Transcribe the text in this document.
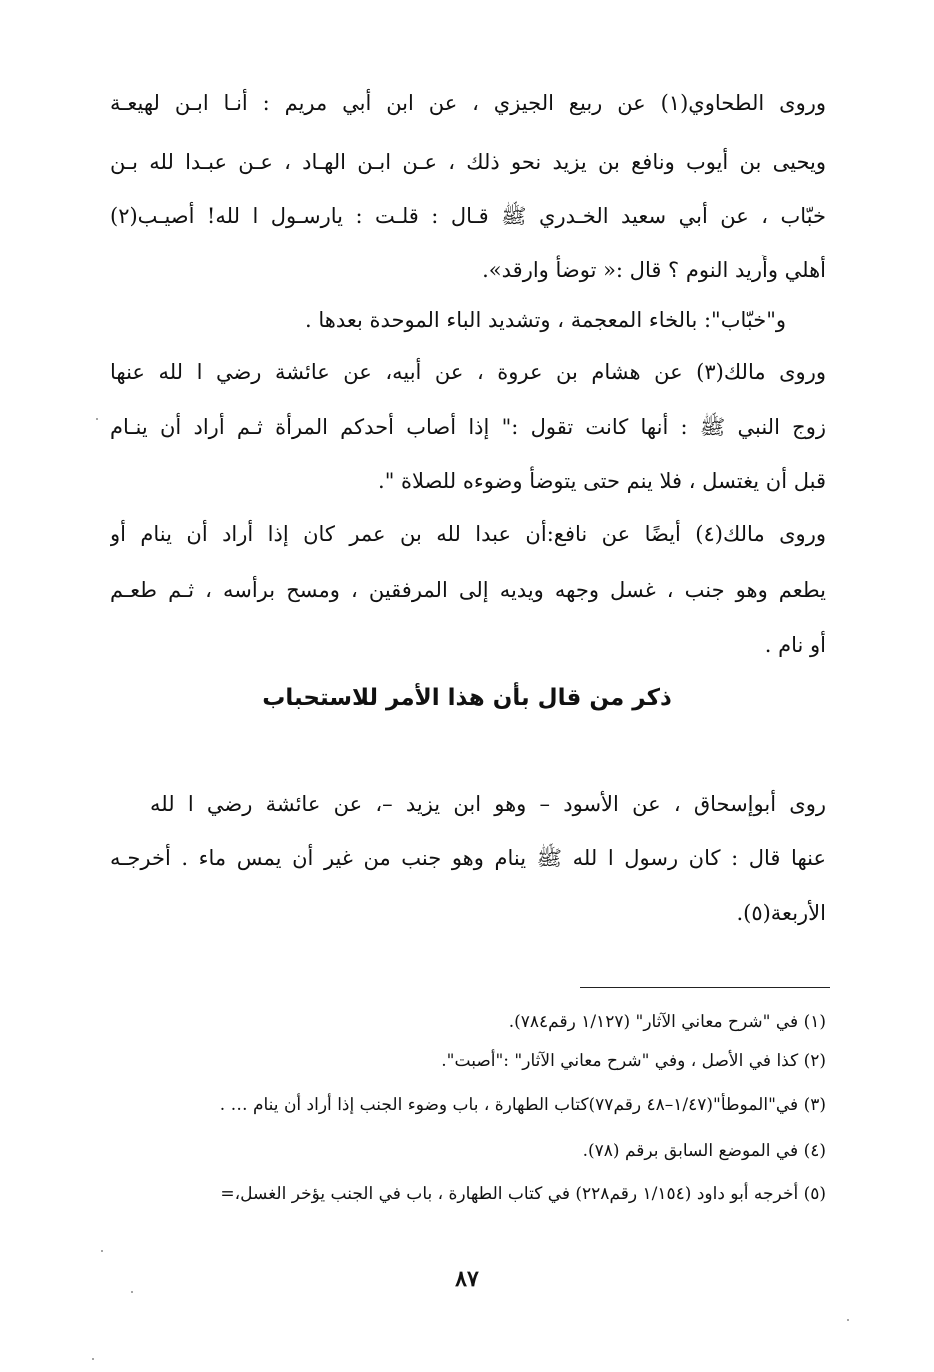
وروى الطحاوي(١) عن ربيع الجيزي ، عن ابن أبي مريم : أنـا ابـن لهيعـة
ويحيى بن أيوب ونافع بن يزيد نحو ذلك ، عـن ابـن الهـاد ، عـن عبـدا لله بـن
خبّاب ، عن أبي سعيد الخـدري ﷺ قـال : قلـت : يارسـول ا لله! أصيـب(٢)
أهلي وأُريد النوم ؟ قال :« توضأ وارقد».
و"خبّاب": بالخاء المعجمة ، وتشديد الباء الموحدة بعدها .
وروى مالك(٣) عن هشام بن عروة ، عن أبيه، عن عائشة رضي ا لله عنها
زوج النبي ﷺ : أنها كانت تقول :" إذا أصاب أحدكم المرأة ثـم أراد أن ينـام
قبل أن يغتسل ، فلا ينم حتى يتوضأ وضوءه للصلاة ".
وروى مالك(٤) أيضًا عن نافع:أن عبدا لله بن عمر كان إذا أراد أن ينام أو
يطعم وهو جنب ، غسل وجهه ويديه إلى المرفقين ، ومسح برأسه ، ثـم طعـم
أو نام .
ذكر من قال بأن هذا الأمر للاستحباب
روى أبوإسحاق ، عن الأسود – وهو ابن يزيد –، عن عائشة رضي ا لله
عنها قال : كان رسول ا لله ﷺ ينام وهو جنب من غير أن يمس ماء . أخرجـه
الأربعة(٥).
(١) في "شرح معاني الآثار" (١/١٢٧ رقم٧٨٤).
(٢) كذا في الأصل ، وفي "شرح معاني الآثار" :"أصبت".
(٣) في"الموطأ"(١/٤٧–٤٨ رقم٧٧)كتاب الطهارة ، باب وضوء الجنب إذا أراد أن ينام … .
(٤) في الموضع السابق برقم (٧٨).
(٥) أخرجه أبو داود (١/١٥٤ رقم٢٢٨) في كتاب الطهارة ، باب في الجنب يؤخر الغسل،=
٨٧
